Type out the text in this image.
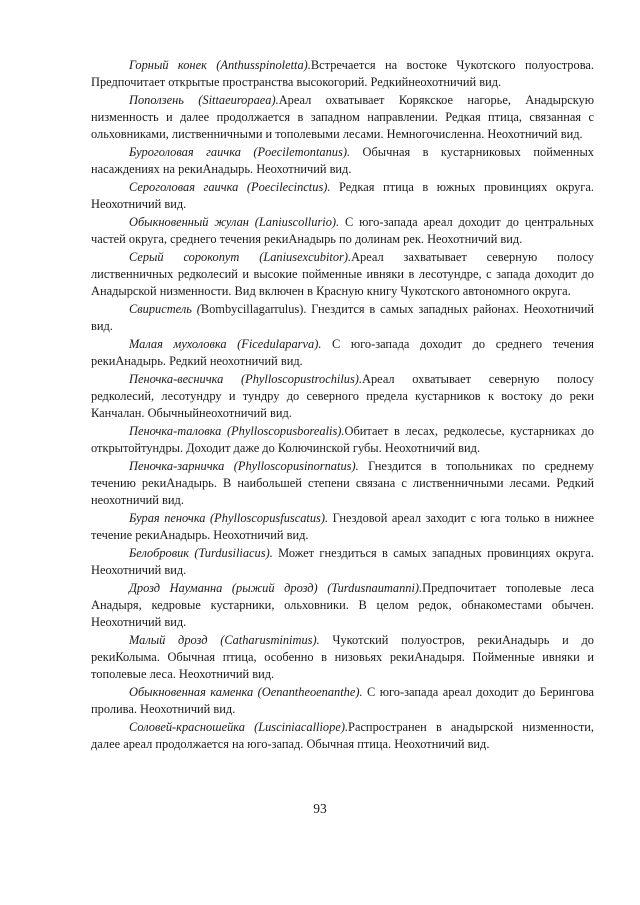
Горный конек (Anthusspinoletta).Встречается на востоке Чукотского полуострова. Предпочитает открытые пространства высокогорий. Редкийнеохотничий вид.

Поползень (Sittaeuropaea).Ареал охватывает Корякское нагорье, Анадырскую низменность и далее продолжается в западном направлении. Редкая птица, связанная с ольховниками, лиственничными и тополевыми лесами. Немногочисленна. Неохотничий вид.

Буроголовая гаичка (Poecilemontanus). Обычная в кустарниковых пойменных насаждениях на рекиАнадырь. Неохотничий вид.

Сероголовая гаичка (Poecilecinctus). Редкая птица в южных провинциях округа. Неохотничий вид.

Обыкновенный жулан (Laniuscollurio). С юго-запада ареал доходит до центральных частей округа, среднего течения рекиАнадырь по долинам рек. Неохотничий вид.

Серый сорокопут (Laniusexcubitor).Ареал захватывает северную полосу лиственничных редколесий и высокие пойменные ивняки в лесотундре, с запада доходит до Анадырской низменности. Вид включен в Красную книгу Чукотского автономного округа.

Свиристель (Bombycillagarrulus). Гнездится в самых западных районах. Неохотничий вид.

Малая мухоловка (Ficedulaparva). С юго-запада доходит до среднего течения рекиАнадырь. Редкий неохотничий вид.

Пеночка-весничка (Phylloscopustrochilus).Ареал охватывает северную полосу редколесий, лесотундру и тундру до северного предела кустарников к востоку до реки Канчалан. Обычныйнеохотничий вид.

Пеночка-таловка (Phylloscopusborealis).Обитает в лесах, редколесье, кустарниках до открытойтундры. Доходит даже до Колючинской губы. Неохотничий вид.

Пеночка-зарничка (Phylloscopusinornatus). Гнездится в топольниках по среднему течению рекиАнадырь. В наибольшей степени связана с лиственничными лесами. Редкий неохотничий вид.

Бурая пеночка (Phylloscopusfuscatus). Гнездовой ареал заходит с юга только в нижнее течение рекиАнадырь. Неохотничий вид.

Белобровик (Turdusiliacus). Может гнездиться в самых западных провинциях округа. Неохотничий вид.

Дрозд Науманна (рыжий дрозд) (Turdusnaumanni).Предпочитает тополевые леса Анадыря, кедровые кустарники, ольховники. В целом редок, обнакоместами обычен. Неохотничий вид.

Малый дрозд (Catharusminimus). Чукотский полуостров, рекиАнадырь и до рекиКолыма. Обычная птица, особенно в низовьях рекиАнадыря. Пойменные ивняки и тополевые леса. Неохотничий вид.

Обыкновенная каменка (Oenantheoenanthe). С юго-запада ареал доходит до Берингова пролива. Неохотничий вид.

Соловей-красношейка (Lusciniacalliope).Распространен в анадырской низменности, далее ареал продолжается на юго-запад. Обычная птица. Неохотничий вид.

93
